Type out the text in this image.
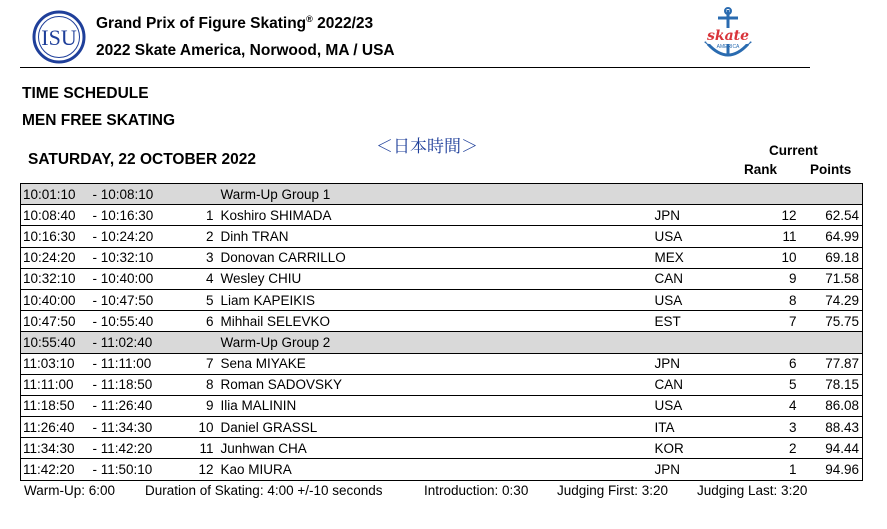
ISU
Grand Prix of Figure Skating® 2022/23
2022 Skate America, Norwood, MA / USA
skate
AMERICA
TIME SCHEDULE
MEN FREE SKATING
＜日本時間＞
SATURDAY, 22 OCTOBER 2022
Current
Rank Points
10:01:10	- 10:08:10		Warm-Up Group 1			
10:08:40	- 10:16:30	1	Koshiro SHIMADA	JPN	12	62.54
10:16:30	- 10:24:20	2	Dinh TRAN	USA	11	64.99
10:24:20	- 10:32:10	3	Donovan CARRILLO	MEX	10	69.18
10:32:10	- 10:40:00	4	Wesley CHIU	CAN	9	71.58
10:40:00	- 10:47:50	5	Liam KAPEIKIS	USA	8	74.29
10:47:50	- 10:55:40	6	Mihhail SELEVKO	EST	7	75.75
10:55:40	- 11:02:40		Warm-Up Group 2			
11:03:10	- 11:11:00	7	Sena MIYAKE	JPN	6	77.87
11:11:00	- 11:18:50	8	Roman SADOVSKY	CAN	5	78.15
11:18:50	- 11:26:40	9	Ilia MALININ	USA	4	86.08
11:26:40	- 11:34:30	10	Daniel GRASSL	ITA	3	88.43
11:34:30	- 11:42:20	11	Junhwan CHA	KOR	2	94.44
11:42:20	- 11:50:10	12	Kao MIURA	JPN	1	94.96
Warm-Up: 6:00 Duration of Skating: 4:00 +/-10 seconds	Introduction: 0:30 Judging First: 3:20 Judging Last: 3:20
